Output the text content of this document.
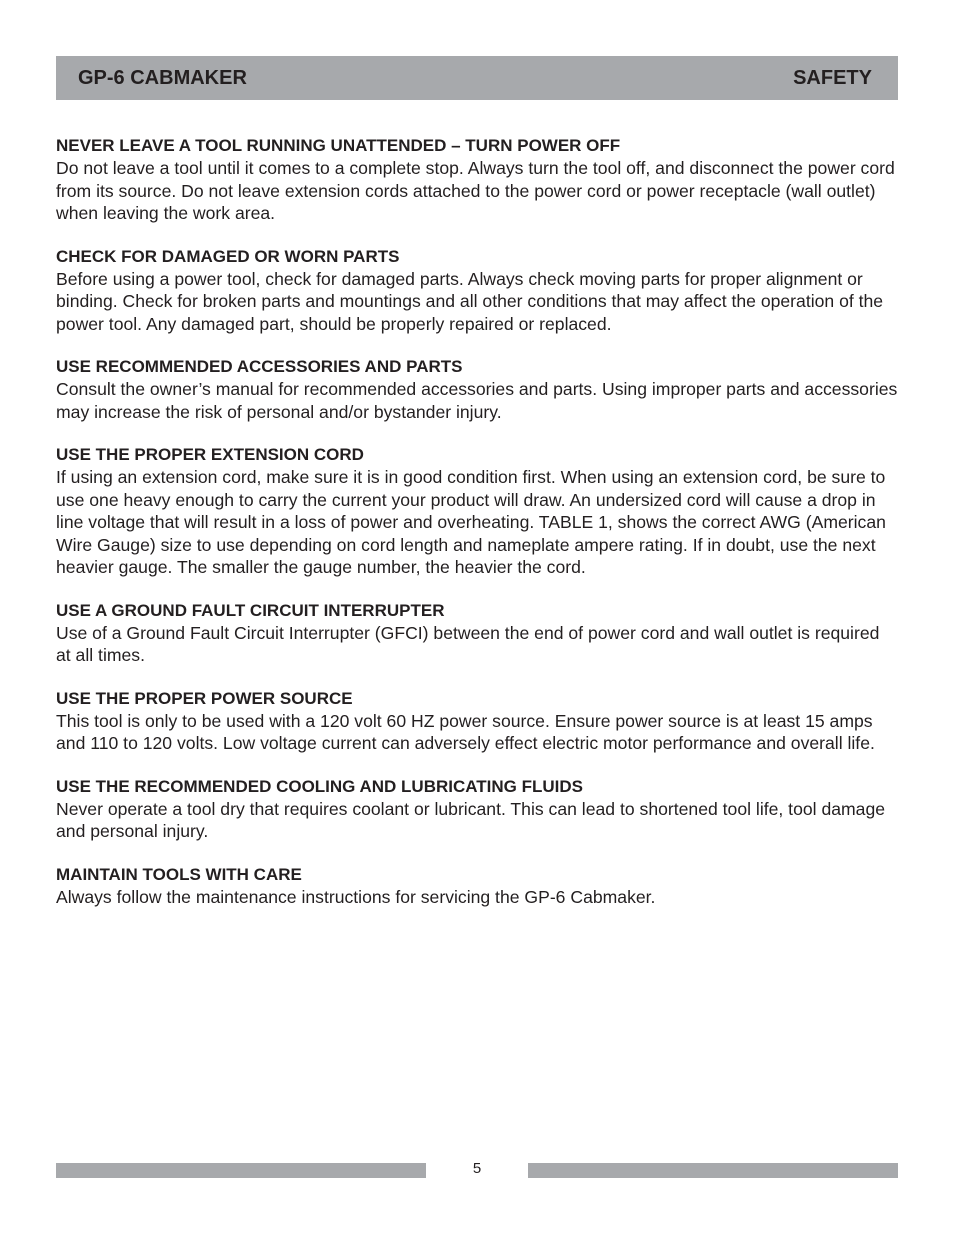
GP-6 CABMAKER	SAFETY
NEVER LEAVE A TOOL RUNNING UNATTENDED – TURN POWER OFF

Do not leave a tool until it comes to a complete stop. Always turn the tool off, and disconnect the power cord from its source. Do not leave extension cords attached to the power cord or power receptacle (wall outlet) when leaving the work area.

CHECK FOR DAMAGED OR WORN PARTS

Before using a power tool, check for damaged parts. Always check moving parts for proper alignment or binding. Check for broken parts and mountings and all other conditions that may affect the operation of the power tool. Any damaged part, should be properly repaired or replaced.

USE RECOMMENDED ACCESSORIES AND PARTS

Consult the owner’s manual for recommended accessories and parts. Using improper parts and accessories may increase the risk of personal and/or bystander injury.

USE THE PROPER EXTENSION CORD

If using an extension cord, make sure it is in good condition first. When using an extension cord, be sure to use one heavy enough to carry the current your product will draw. An undersized cord will cause a drop in line voltage that will result in a loss of power and overheating. TABLE 1, shows the correct AWG (American Wire Gauge) size to use depending on cord length and nameplate ampere rating. If in doubt, use the next heavier gauge. The smaller the gauge number, the heavier the cord.

USE A GROUND FAULT CIRCUIT INTERRUPTER

Use of a Ground Fault Circuit Interrupter (GFCI) between the end of power cord and wall outlet is required at all times.

USE THE PROPER POWER SOURCE

This tool is only to be used with a 120 volt 60 HZ power source. Ensure power source is at least 15 amps and 110 to 120 volts. Low voltage current can adversely effect electric motor performance and overall life.

USE THE RECOMMENDED COOLING AND LUBRICATING FLUIDS

Never operate a tool dry that requires coolant or lubricant. This can lead to shortened tool life, tool damage and personal injury.

MAINTAIN TOOLS WITH CARE

Always follow the maintenance instructions for servicing the GP-6 Cabmaker.

5
